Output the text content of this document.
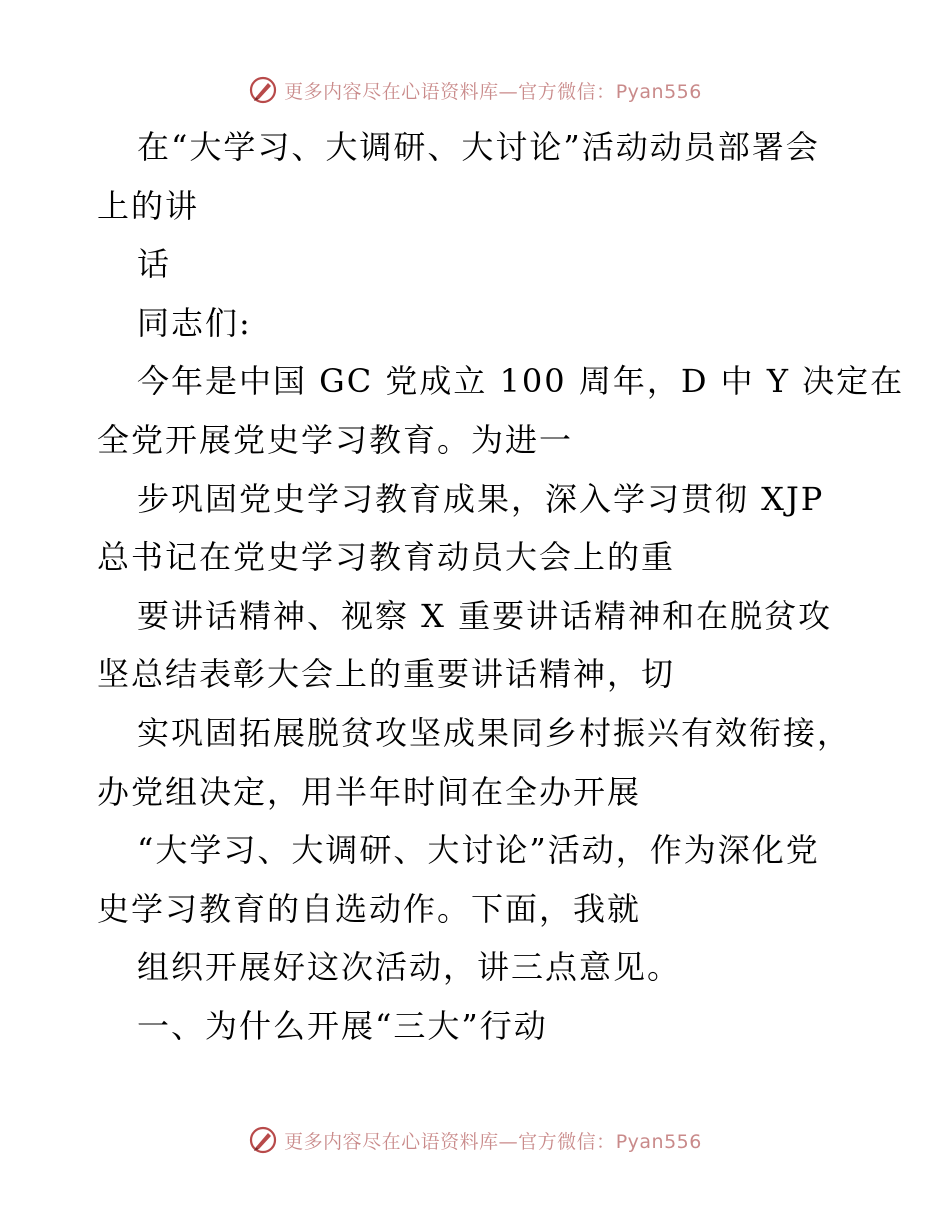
更多内容尽在心语资料库—官方微信：Pyan556
在“大学习、大调研、大讨论”活动动员部署会
上的讲
话
同志们:
今年是中国 GC 党成立 100 周年，D 中 Y 决定在
全党开展党史学习教育。为进一
步巩固党史学习教育成果，深入学习贯彻 XJP
总书记在党史学习教育动员大会上的重
要讲话精神、视察 X 重要讲话精神和在脱贫攻
坚总结表彰大会上的重要讲话精神，切
实巩固拓展脱贫攻坚成果同乡村振兴有效衔接，
办党组决定，用半年时间在全办开展
“大学习、大调研、大讨论”活动，作为深化党
史学习教育的自选动作。下面，我就
组织开展好这次活动，讲三点意见。
一、为什么开展“三大”行动
更多内容尽在心语资料库—官方微信：Pyan556
